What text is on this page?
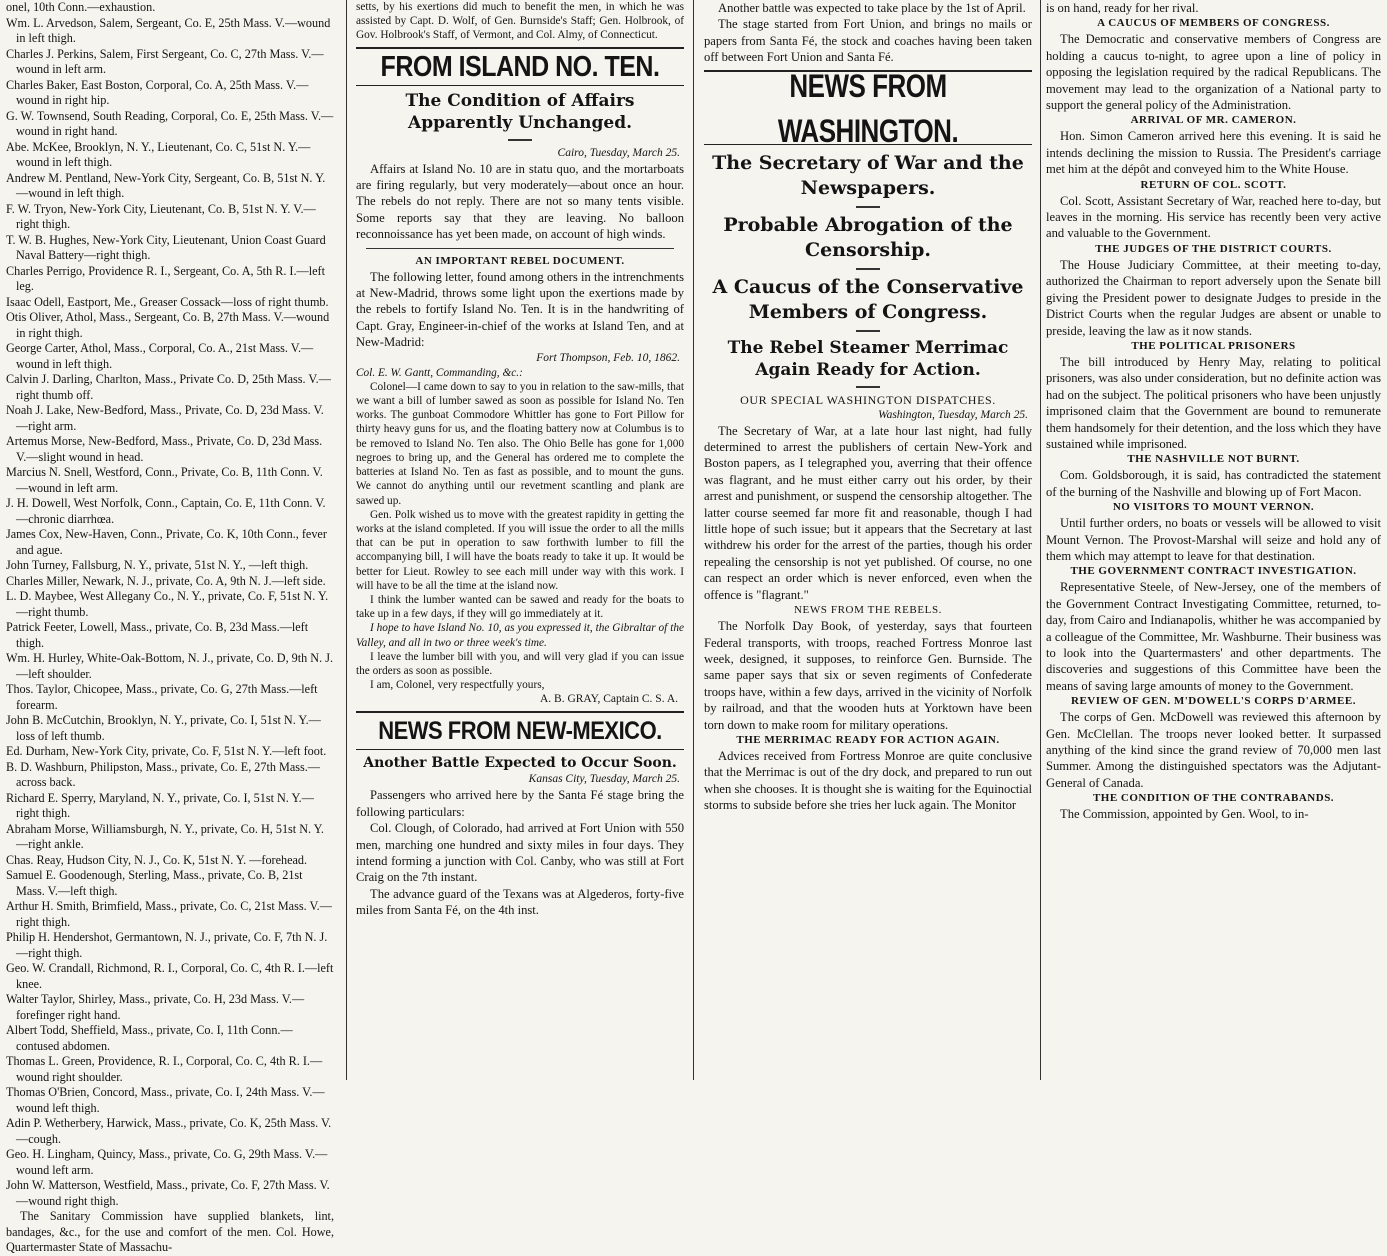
onel, 10th Conn.—exhaustion.

Wm. L. Arvedson, Salem, Sergeant, Co. E, 25th Mass. V.—wound in left thigh.

Charles J. Perkins, Salem, First Sergeant, Co. C, 27th Mass. V.—wound in left arm.

Charles Baker, East Boston, Corporal, Co. A, 25th Mass. V.—wound in right hip.

G. W. Townsend, South Reading, Corporal, Co. E, 25th Mass. V.—wound in right hand.

Abe. McKee, Brooklyn, N. Y., Lieutenant, Co. C, 51st N. Y.—wound in left thigh.

Andrew M. Pentland, New-York City, Sergeant, Co. B, 51st N. Y.—wound in left thigh.

F. W. Tryon, New-York City, Lieutenant, Co. B, 51st N. Y. V.—right thigh.

T. W. B. Hughes, New-York City, Lieutenant, Union Coast Guard Naval Battery—right thigh.

Charles Perrigo, Providence R. I., Sergeant, Co. A, 5th R. I.—left leg.

Isaac Odell, Eastport, Me., Greaser Cossack—loss of right thumb.

Otis Oliver, Athol, Mass., Sergeant, Co. B, 27th Mass. V.—wound in right thigh.

George Carter, Athol, Mass., Corporal, Co. A., 21st Mass. V.—wound in left thigh.

Calvin J. Darling, Charlton, Mass., Private Co. D, 25th Mass. V.—right thumb off.

Noah J. Lake, New-Bedford, Mass., Private, Co. D, 23d Mass. V.—right arm.

Artemus Morse, New-Bedford, Mass., Private, Co. D, 23d Mass. V.—slight wound in head.

Marcius N. Snell, Westford, Conn., Private, Co. B, 11th Conn. V.—wound in left arm.

J. H. Dowell, West Norfolk, Conn., Captain, Co. E, 11th Conn. V.—chronic diarrhœa.

James Cox, New-Haven, Conn., Private, Co. K, 10th Conn., fever and ague.

John Turney, Fallsburg, N. Y., private, 51st N. Y., —left thigh.

Charles Miller, Newark, N. J., private, Co. A, 9th N. J.—left side.

L. D. Maybee, West Allegany Co., N. Y., private, Co. F, 51st N. Y.—right thumb.

Patrick Feeter, Lowell, Mass., private, Co. B, 23d Mass.—left thigh.

Wm. H. Hurley, White-Oak-Bottom, N. J., private, Co. D, 9th N. J.—left shoulder.

Thos. Taylor, Chicopee, Mass., private, Co. G, 27th Mass.—left forearm.

John B. McCutchin, Brooklyn, N. Y., private, Co. I, 51st N. Y.—loss of left thumb.

Ed. Durham, New-York City, private, Co. F, 51st N. Y.—left foot.

B. D. Washburn, Philipston, Mass., private, Co. E, 27th Mass.—across back.

Richard E. Sperry, Maryland, N. Y., private, Co. I, 51st N. Y.—right thigh.

Abraham Morse, Williamsburgh, N. Y., private, Co. H, 51st N. Y.—right ankle.

Chas. Reay, Hudson City, N. J., Co. K, 51st N. Y. —forehead.

Samuel E. Goodenough, Sterling, Mass., private, Co. B, 21st Mass. V.—left thigh.

Arthur H. Smith, Brimfield, Mass., private, Co. C, 21st Mass. V.—right thigh.

Philip H. Hendershot, Germantown, N. J., private, Co. F, 7th N. J.—right thigh.

Geo. W. Crandall, Richmond, R. I., Corporal, Co. C, 4th R. I.—left knee.

Walter Taylor, Shirley, Mass., private, Co. H, 23d Mass. V.—forefinger right hand.

Albert Todd, Sheffield, Mass., private, Co. I, 11th Conn.—contused abdomen.

Thomas L. Green, Providence, R. I., Corporal, Co. C, 4th R. I.—wound right shoulder.

Thomas O'Brien, Concord, Mass., private, Co. I, 24th Mass. V.—wound left thigh.

Adin P. Wetherbery, Harwick, Mass., private, Co. K, 25th Mass. V.—cough.

Geo. H. Lingham, Quincy, Mass., private, Co. G, 29th Mass. V.—wound left arm.

John W. Matterson, Westfield, Mass., private, Co. F, 27th Mass. V.—wound right thigh.

The Sanitary Commission have supplied blankets, lint, bandages, &c., for the use and comfort of the men. Col. Howe, Quartermaster State of Massachu-

setts, by his exertions did much to benefit the men, in which he was assisted by Capt. D. Wolf, of Gen. Burnside's Staff; Gen. Holbrook, of Gov. Holbrook's Staff, of Vermont, and Col. Almy, of Connecticut.

FROM ISLAND NO. TEN.
The Condition of Affairs Apparently Unchanged.

Cairo, Tuesday, March 25.

Affairs at Island No. 10 are in statu quo, and the mortarboats are firing regularly, but very moderately—about once an hour. The rebels do not reply. There are not so many tents visible. Some reports say that they are leaving. No balloon reconnoissance has yet been made, on account of high winds.

AN IMPORTANT REBEL DOCUMENT.

The following letter, found among others in the intrenchments at New-Madrid, throws some light upon the exertions made by the rebels to fortify Island No. Ten. It is in the handwriting of Capt. Gray, Engineer-in-chief of the works at Island Ten, and at New-Madrid:

Fort Thompson, Feb. 10, 1862.

Col. E. W. Gantt, Commanding, &c.:

Colonel—I came down to say to you in relation to the saw-mills, that we want a bill of lumber sawed as soon as possible for Island No. Ten works. The gunboat Commodore Whittler has gone to Fort Pillow for thirty heavy guns for us, and the floating battery now at Columbus is to be removed to Island No. Ten also. The Ohio Belle has gone for 1,000 negroes to bring up, and the General has ordered me to complete the batteries at Island No. Ten as fast as possible, and to mount the guns. We cannot do anything until our revetment scantling and plank are sawed up.

Gen. Polk wished us to move with the greatest rapidity in getting the works at the island completed. If you will issue the order to all the mills that can be put in operation to saw forthwith lumber to fill the accompanying bill, I will have the boats ready to take it up. It would be better for Lieut. Rowley to see each mill under way with this work. I will have to be all the time at the island now.

I think the lumber wanted can be sawed and ready for the boats to take up in a few days, if they will go immediately at it.

I hope to have Island No. 10, as you expressed it, the Gibraltar of the Valley, and all in two or three week's time.

I leave the lumber bill with you, and will very glad if you can issue the orders as soon as possible.

I am, Colonel, very respectfully yours,

A. B. GRAY, Captain C. S. A.

NEWS FROM NEW-MEXICO.
Another Battle Expected to Occur Soon.

Kansas City, Tuesday, March 25.

Passengers who arrived here by the Santa Fé stage bring the following particulars:

Col. Clough, of Colorado, had arrived at Fort Union with 550 men, marching one hundred and sixty miles in four days. They intend forming a junction with Col. Canby, who was still at Fort Craig on the 7th instant.

The advance guard of the Texans was at Algederos, forty-five miles from Santa Fé, on the 4th inst.

Another battle was expected to take place by the 1st of April.

The stage started from Fort Union, and brings no mails or papers from Santa Fé, the stock and coaches having been taken off between Fort Union and Santa Fé.

NEWS FROM WASHINGTON.
The Secretary of War and the Newspapers.
Probable Abrogation of the Censorship.
A Caucus of the Conservative Members of Congress.
The Rebel Steamer Merrimac Again Ready for Action.

OUR SPECIAL WASHINGTON DISPATCHES.

Washington, Tuesday, March 25.

The Secretary of War, at a late hour last night, had fully determined to arrest the publishers of certain New-York and Boston papers, as I telegraphed you, averring that their offence was flagrant, and he must either carry out his order, by their arrest and punishment, or suspend the censorship altogether. The latter course seemed far more fit and reasonable, though I had little hope of such issue; but it appears that the Secretary at last withdrew his order for the arrest of the parties, though his order repealing the censorship is not yet published. Of course, no one can respect an order which is never enforced, even when the offence is "flagrant."

NEWS FROM THE REBELS.

The Norfolk Day Book, of yesterday, says that fourteen Federal transports, with troops, reached Fortress Monroe last week, designed, it supposes, to reinforce Gen. Burnside. The same paper says that six or seven regiments of Confederate troops have, within a few days, arrived in the vicinity of Norfolk by railroad, and that the wooden huts at Yorktown have been torn down to make room for military operations.

THE MERRIMAC READY FOR ACTION AGAIN.

Advices received from Fortress Monroe are quite conclusive that the Merrimac is out of the dry dock, and prepared to run out when she chooses. It is thought she is waiting for the Equinoctial storms to subside before she tries her luck again. The Monitor

is on hand, ready for her rival.

A CAUCUS OF MEMBERS OF CONGRESS.

The Democratic and conservative members of Congress are holding a caucus to-night, to agree upon a line of policy in opposing the legislation required by the radical Republicans. The movement may lead to the organization of a National party to support the general policy of the Administration.

ARRIVAL OF MR. CAMERON.

Hon. Simon Cameron arrived here this evening. It is said he intends declining the mission to Russia. The President's carriage met him at the dépôt and conveyed him to the White House.

RETURN OF COL. SCOTT.

Col. Scott, Assistant Secretary of War, reached here to-day, but leaves in the morning. His service has recently been very active and valuable to the Government.

THE JUDGES OF THE DISTRICT COURTS.

The House Judiciary Committee, at their meeting to-day, authorized the Chairman to report adversely upon the Senate bill giving the President power to designate Judges to preside in the District Courts when the regular Judges are absent or unable to preside, leaving the law as it now stands.

THE POLITICAL PRISONERS

The bill introduced by Henry May, relating to political prisoners, was also under consideration, but no definite action was had on the subject. The political prisoners who have been unjustly imprisoned claim that the Government are bound to remunerate them handsomely for their detention, and the loss which they have sustained while imprisoned.

THE NASHVILLE NOT BURNT.

Com. Goldsborough, it is said, has contradicted the statement of the burning of the Nashville and blowing up of Fort Macon.

NO VISITORS TO MOUNT VERNON.

Until further orders, no boats or vessels will be allowed to visit Mount Vernon. The Provost-Marshal will seize and hold any of them which may attempt to leave for that destination.

THE GOVERNMENT CONTRACT INVESTIGATION.

Representative Steele, of New-Jersey, one of the members of the Government Contract Investigating Committee, returned, to-day, from Cairo and Indianapolis, whither he was accompanied by a colleague of the Committee, Mr. Washburne. Their business was to look into the Quartermasters' and other departments. The discoveries and suggestions of this Committee have been the means of saving large amounts of money to the Government.

REVIEW OF GEN. M'DOWELL'S CORPS D'ARMEE.

The corps of Gen. McDowell was reviewed this afternoon by Gen. McClellan. The troops never looked better. It surpassed anything of the kind since the grand review of 70,000 men last Summer. Among the distinguished spectators was the Adjutant-General of Canada.

THE CONDITION OF THE CONTRABANDS.

The Commission, appointed by Gen. Wool, to in-
